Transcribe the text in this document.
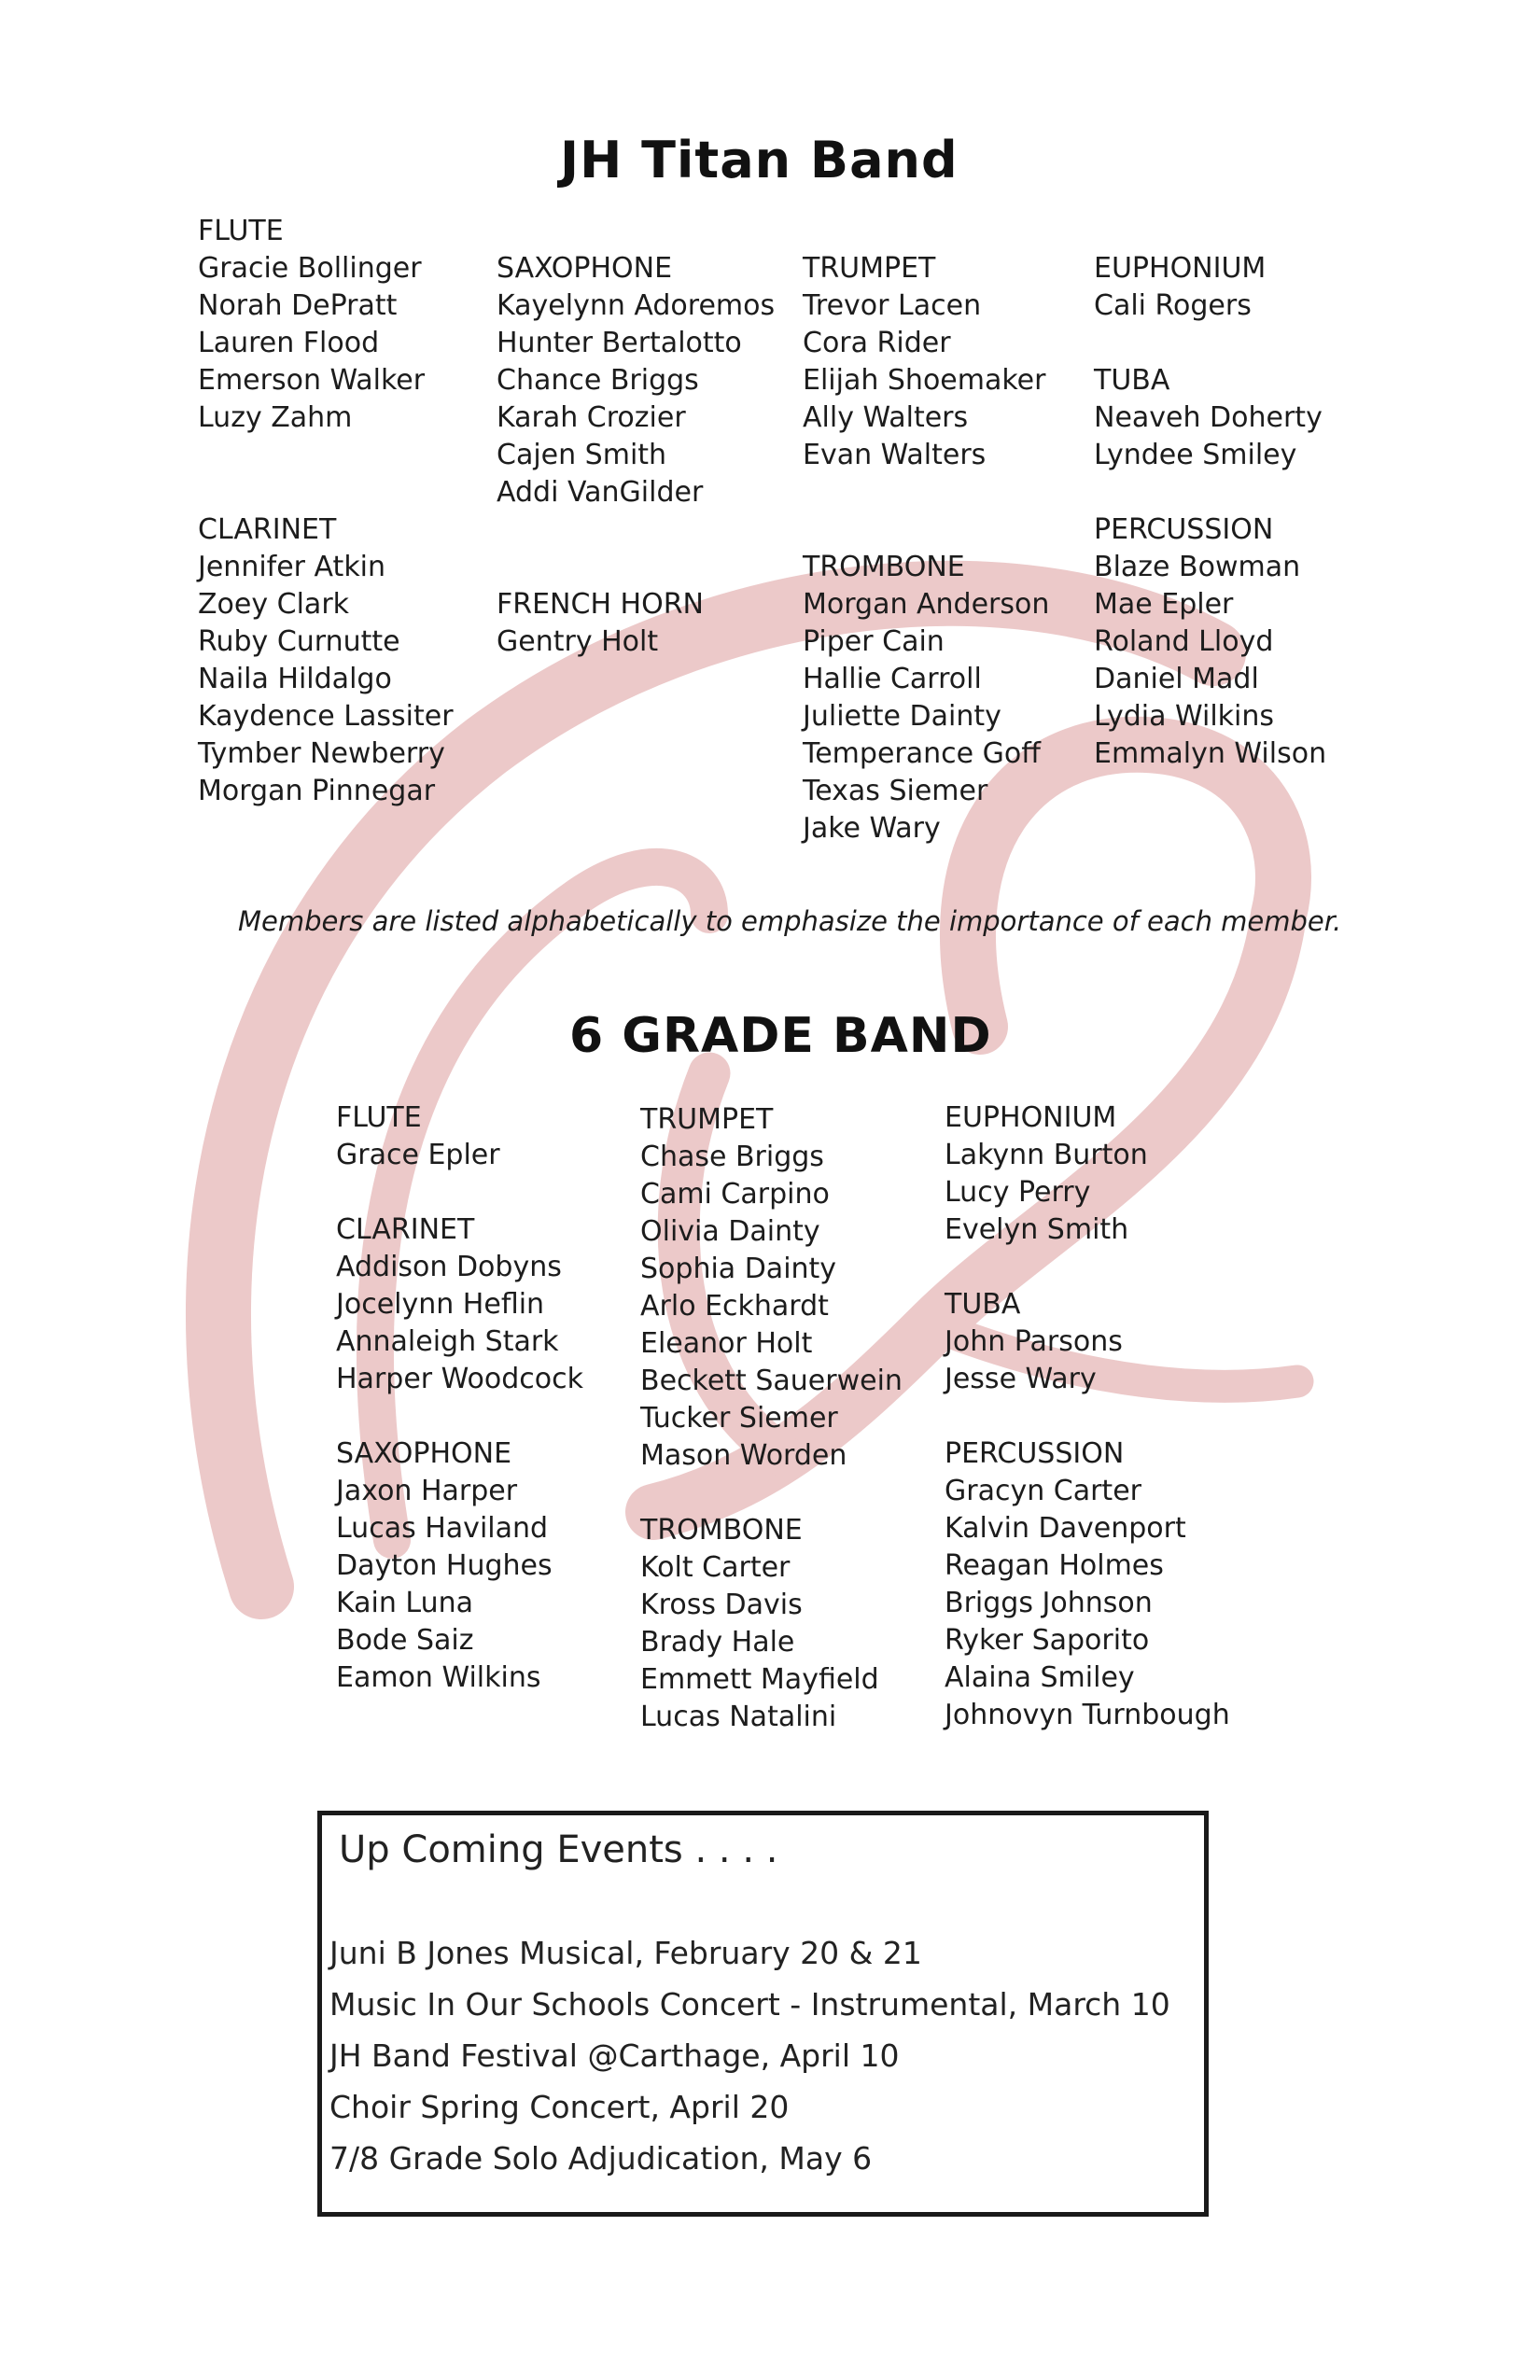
JH Titan Band
FLUTE
Gracie Bollinger
Norah DePratt
Lauren Flood
Emerson Walker
Luzy Zahm

CLARINET
Jennifer Atkin
Zoey Clark
Ruby Curnutte
Naila Hildalgo
Kaydence Lassiter
Tymber Newberry
Morgan Pinnegar
SAXOPHONE
Kayelynn Adoremos
Hunter Bertalotto
Chance Briggs
Karah Crozier
Cajen Smith
Addi VanGilder

FRENCH HORN
Gentry Holt
TRUMPET
Trevor Lacen
Cora Rider
Elijah Shoemaker
Ally Walters
Evan Walters

TROMBONE
Morgan Anderson
Piper Cain
Hallie Carroll
Juliette Dainty
Temperance Goff
Texas Siemer
Jake Wary
EUPHONIUM
Cali Rogers

TUBA
Neaveh Doherty
Lyndee Smiley

PERCUSSION
Blaze Bowman
Mae Epler
Roland Lloyd
Daniel Madl
Lydia Wilkins
Emmalyn Wilson
Members are listed alphabetically to emphasize the importance of each member.
6 GRADE BAND
FLUTE
Grace Epler

CLARINET
Addison Dobyns
Jocelynn Heflin
Annaleigh Stark
Harper Woodcock

SAXOPHONE
Jaxon Harper
Lucas Haviland
Dayton Hughes
Kain Luna
Bode Saiz
Eamon Wilkins
TRUMPET
Chase Briggs
Cami Carpino
Olivia Dainty
Sophia Dainty
Arlo Eckhardt
Eleanor Holt
Beckett Sauerwein
Tucker Siemer
Mason Worden

TROMBONE
Kolt Carter
Kross Davis
Brady Hale
Emmett Mayfield
Lucas Natalini
EUPHONIUM
Lakynn Burton
Lucy Perry
Evelyn Smith

TUBA
John Parsons
Jesse Wary

PERCUSSION
Gracyn Carter
Kalvin Davenport
Reagan Holmes
Briggs Johnson
Ryker Saporito
Alaina Smiley
Johnovyn Turnbough
Up Coming Events . . . .
Juni B Jones Musical, February 20 & 21
Music In Our Schools Concert - Instrumental, March 10
JH Band Festival @Carthage, April 10
Choir Spring Concert, April 20
7/8 Grade Solo Adjudication, May 6
